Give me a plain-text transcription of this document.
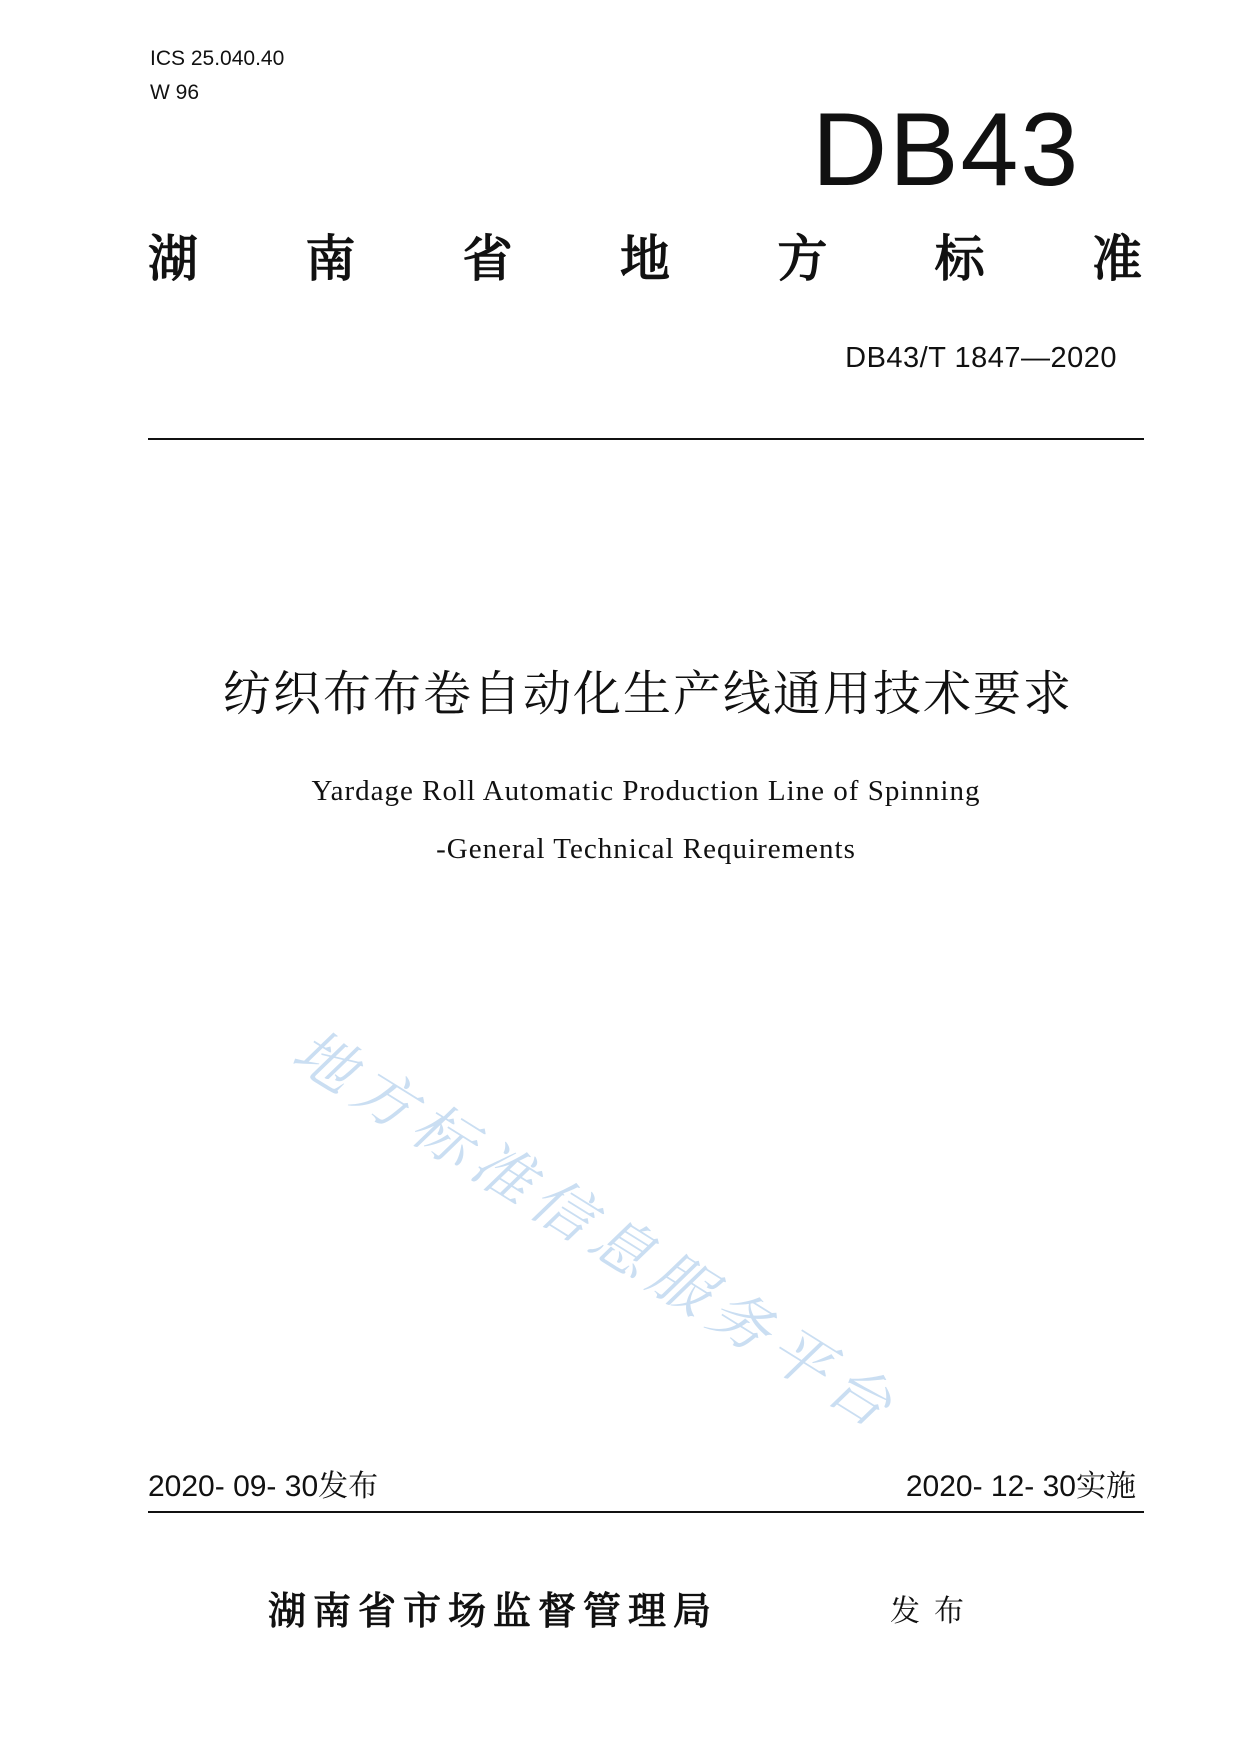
ICS 25.040.40
W 96	DB43
湖 南 省 地 方 标 准
DB43/T 1847—2020
纺织布布卷自动化生产线通用技术要求
Yardage Roll Automatic Production Line of Spinning
-General Technical Requirements
地方标准信息服务平台
2020- 09- 30发布	2020- 12- 30实施
湖南省市场监督管理局	发布
